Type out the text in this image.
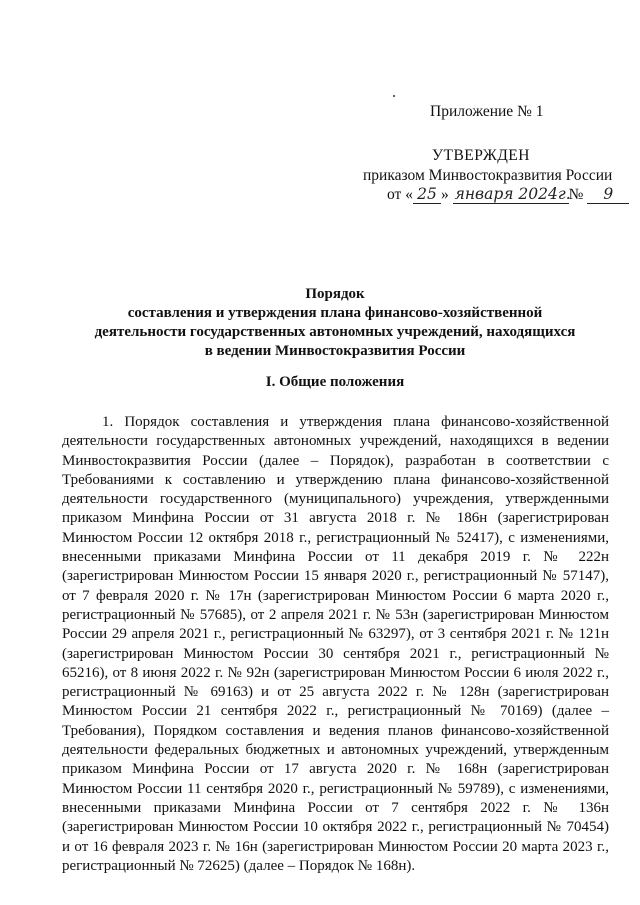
Приложение № 1
УТВЕРЖДЕН
приказом Минвостокразвития России
от « 25 » января 2024г.№ 9
Порядок
составления и утверждения плана финансово-хозяйственной
деятельности государственных автономных учреждений, находящихся
в ведении Минвостокразвития России
I. Общие положения

1. Порядок составления и утверждения плана финансово-хозяйственной деятельности государственных автономных учреждений, находящихся в ведении Минвостокразвития России (далее – Порядок), разработан в соответствии с Требованиями к составлению и утверждению плана финансово-хозяйственной деятельности государственного (муниципального) учреждения, утвержденными приказом Минфина России от 31 августа 2018 г. № 186н (зарегистрирован Минюстом России 12 октября 2018 г., регистрационный № 52417), с изменениями, внесенными приказами Минфина России от 11 декабря 2019 г. № 222н (зарегистрирован Минюстом России 15 января 2020 г., регистрационный № 57147), от 7 февраля 2020 г. № 17н (зарегистрирован Минюстом России 6 марта 2020 г., регистрационный № 57685), от 2 апреля 2021 г. № 53н (зарегистрирован Минюстом России 29 апреля 2021 г., регистрационный № 63297), от 3 сентября 2021 г. № 121н (зарегистрирован Минюстом России 30 сентября 2021 г., регистрационный № 65216), от 8 июня 2022 г. № 92н (зарегистрирован Минюстом России 6 июля 2022 г., регистрационный № 69163) и от 25 августа 2022 г. № 128н (зарегистрирован Минюстом России 21 сентября 2022 г., регистрационный № 70169) (далее – Требования), Порядком составления и ведения планов финансово-хозяйственной деятельности федеральных бюджетных и автономных учреждений, утвержденным приказом Минфина России от 17 августа 2020 г. № 168н (зарегистрирован Минюстом России 11 сентября 2020 г., регистрационный № 59789), с изменениями, внесенными приказами Минфина России от 7 сентября 2022 г. № 136н (зарегистрирован Минюстом России 10 октября 2022 г., регистрационный № 70454) и от 16 февраля 2023 г. № 16н (зарегистрирован Минюстом России 20 марта 2023 г., регистрационный № 72625) (далее – Порядок № 168н).
